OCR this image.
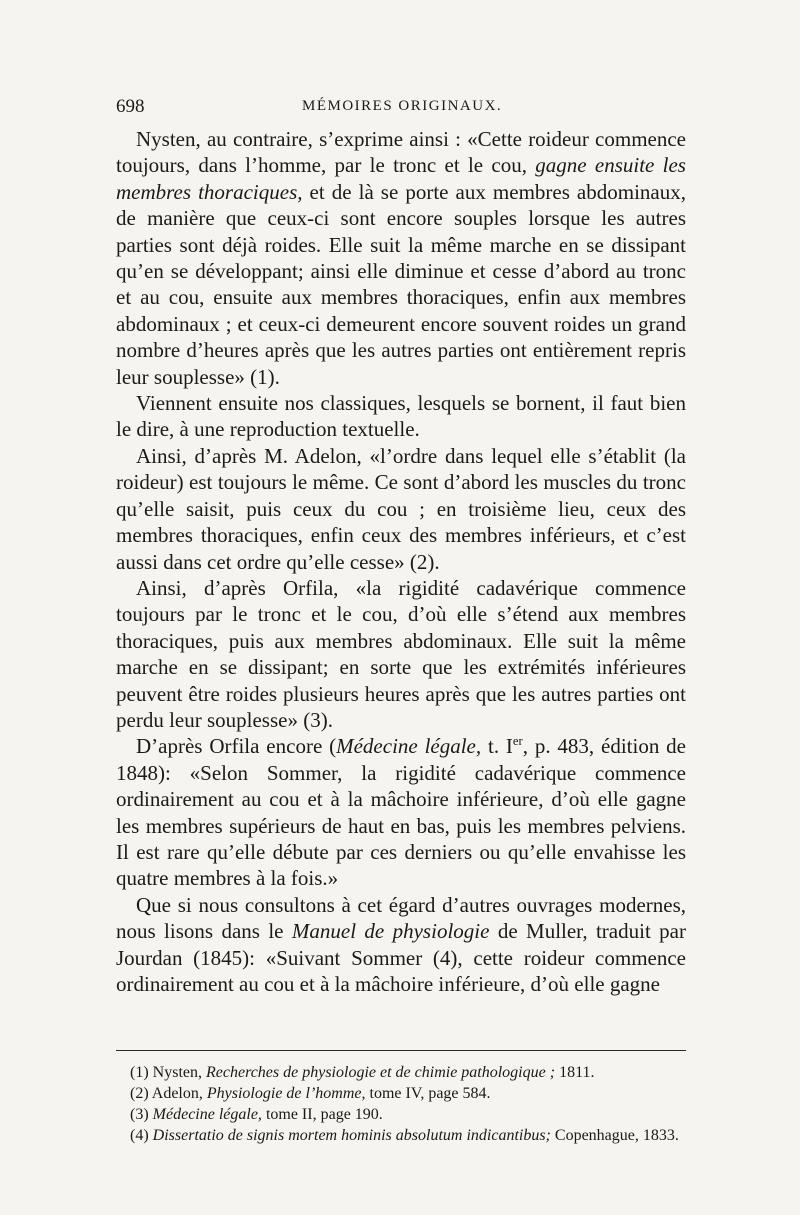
698	MÉMOIRES ORIGINAUX.

Nysten, au contraire, s’exprime ainsi : «Cette roideur commence toujours, dans l’homme, par le tronc et le cou, gagne ensuite les membres thoraciques, et de là se porte aux membres abdominaux, de manière que ceux-ci sont encore souples lorsque les autres parties sont déjà roides. Elle suit la même marche en se dissipant qu’en se développant; ainsi elle diminue et cesse d’abord au tronc et au cou, ensuite aux membres thoraciques, enfin aux membres abdominaux ; et ceux-ci demeurent encore souvent roides un grand nombre d’heures après que les autres parties ont entièrement repris leur souplesse» (1).

Viennent ensuite nos classiques, lesquels se bornent, il faut bien le dire, à une reproduction textuelle.

Ainsi, d’après M. Adelon, «l’ordre dans lequel elle s’établit (la roideur) est toujours le même. Ce sont d’abord les muscles du tronc qu’elle saisit, puis ceux du cou ; en troisième lieu, ceux des membres thoraciques, enfin ceux des membres inférieurs, et c’est aussi dans cet ordre qu’elle cesse» (2).

Ainsi, d’après Orfila, «la rigidité cadavérique commence toujours par le tronc et le cou, d’où elle s’étend aux membres thoraciques, puis aux membres abdominaux. Elle suit la même marche en se dissipant; en sorte que les extrémités inférieures peuvent être roides plusieurs heures après que les autres parties ont perdu leur souplesse» (3).

D’après Orfila encore (Médecine légale, t. Ier, p. 483, édition de 1848): «Selon Sommer, la rigidité cadavérique commence ordinairement au cou et à la mâchoire inférieure, d’où elle gagne les membres supérieurs de haut en bas, puis les membres pelviens. Il est rare qu’elle débute par ces derniers ou qu’elle envahisse les quatre membres à la fois.»

Que si nous consultons à cet égard d’autres ouvrages modernes, nous lisons dans le Manuel de physiologie de Muller, traduit par Jourdan (1845): «Suivant Sommer (4), cette roideur commence ordinairement au cou et à la mâchoire inférieure, d’où elle gagne

(1) Nysten, Recherches de physiologie et de chimie pathologique ; 1811.

(2) Adelon, Physiologie de l’homme, tome IV, page 584.

(3) Médecine légale, tome II, page 190.

(4) Dissertatio de signis mortem hominis absolutum indicantibus; Copenhague, 1833.
